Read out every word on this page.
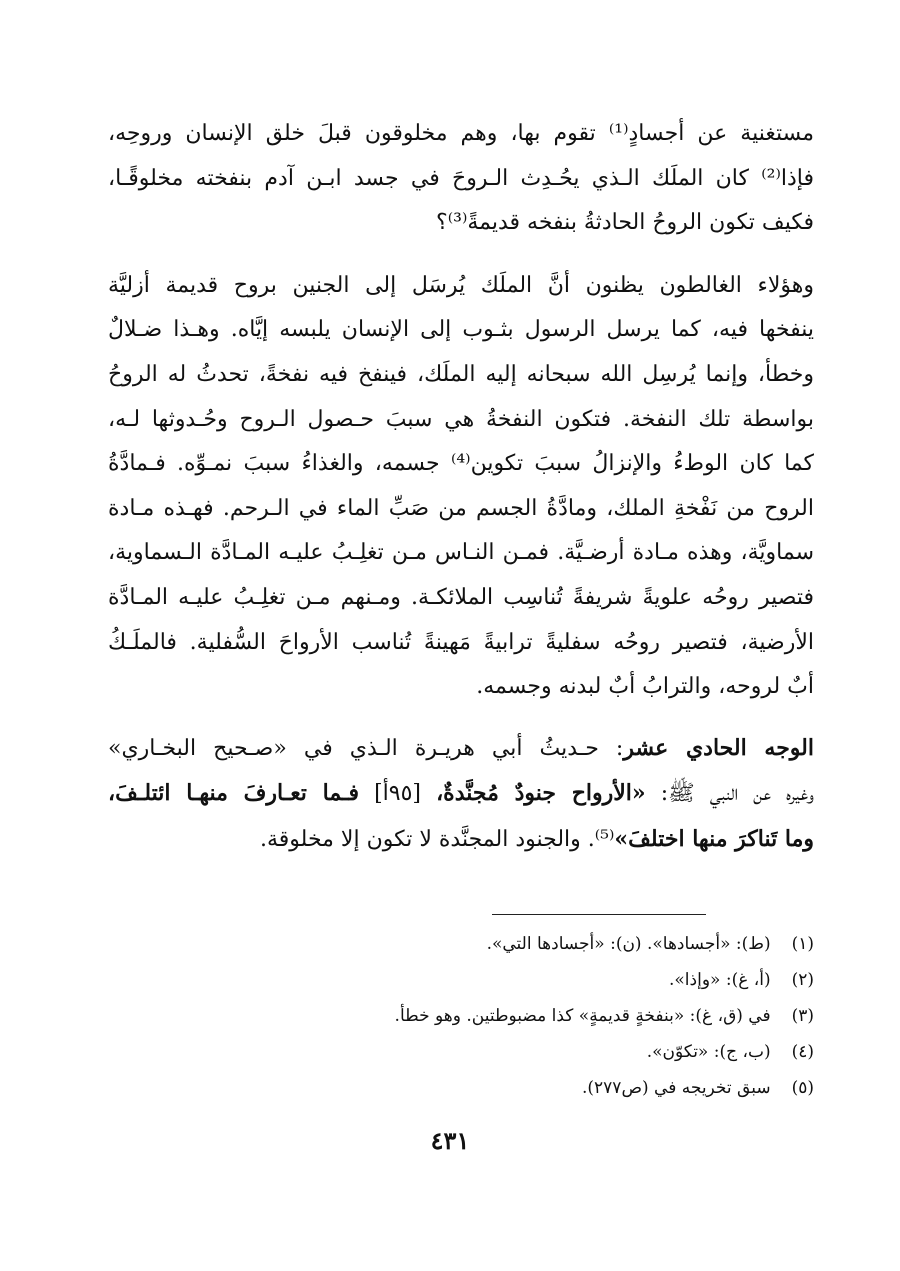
مستغنية عن أجسادٍ⁽¹⁾ تقوم بها، وهم مخلوقون قبلَ خلق الإنسان وروحِه،
فإذا⁽²⁾ كان الملَك الـذي يحُـدِث الـروحَ في جسد ابـن آدم بنفخته مخلوقًـا،
فكيف تكون الروحُ الحادثةُ بنفخه قديمةً⁽³⁾؟
وهؤلاء الغالطون يظنون أنَّ الملَك يُرسَل إلى الجنين بروح قديمة أزليَّة
ينفخها فيه، كما يرسل الرسول بثـوب إلى الإنسان يلبسه إيَّاه. وهـذا ضـلالٌ
وخطأ، وإنما يُرسِل الله سبحانه إليه الملَك، فينفخ فيه نفخةً، تحدثُ له الروحُ
بواسطة تلك النفخة. فتكون النفخةُ هي سببَ حـصول الـروح وحُـدوثها لـه،
كما كان الوطءُ والإنزالُ سببَ تكوين⁽⁴⁾ جسمه، والغذاءُ سببَ نمـوِّه. فـمادَّةُ
الروح من نَفْخةِ الملك، ومادَّةُ الجسم من صَبِّ الماء في الـرحم. فهـذه مـادة
سماويَّة، وهذه مـادة أرضـيَّة. فمـن النـاس مـن تغلِـبُ عليـه المـادَّة الـسماوية،
فتصير روحُه علويةً شريفةً تُناسِب الملائكـة. ومـنهم مـن تغلِـبُ عليـه المـادَّة
الأرضية، فتصير روحُه سفليةً ترابيةً مَهينةً تُناسب الأرواحَ السُّفلية. فالملَـكُ
أبٌ لروحه، والترابُ أبٌ لبدنه وجسمه.
الوجه الحادي عشر: حـديثُ أبي هريـرة الـذي في «صـحيح البخـاري»
وغيره عن النبي ﷺ: «الأرواح جنودٌ مُجنَّدةٌ، [٩٥أ] فـما تعـارفَ منهـا ائتلـفَ،
وما تَناكرَ منها اختلفَ»⁽⁵⁾. والجنود المجنَّدة لا تكون إلا مخلوقة.
(١) (ط): «أجسادها». (ن): «أجسادها التي».
(٢) (أ، غ): «وإذا».
(٣) في (ق، غ): «بنفخةٍ قديمةٍ» كذا مضبوطتين. وهو خطأ.
(٤) (ب، ج): «تكوّن».
(٥) سبق تخريجه في (ص٢٧٧).
٤٣١
